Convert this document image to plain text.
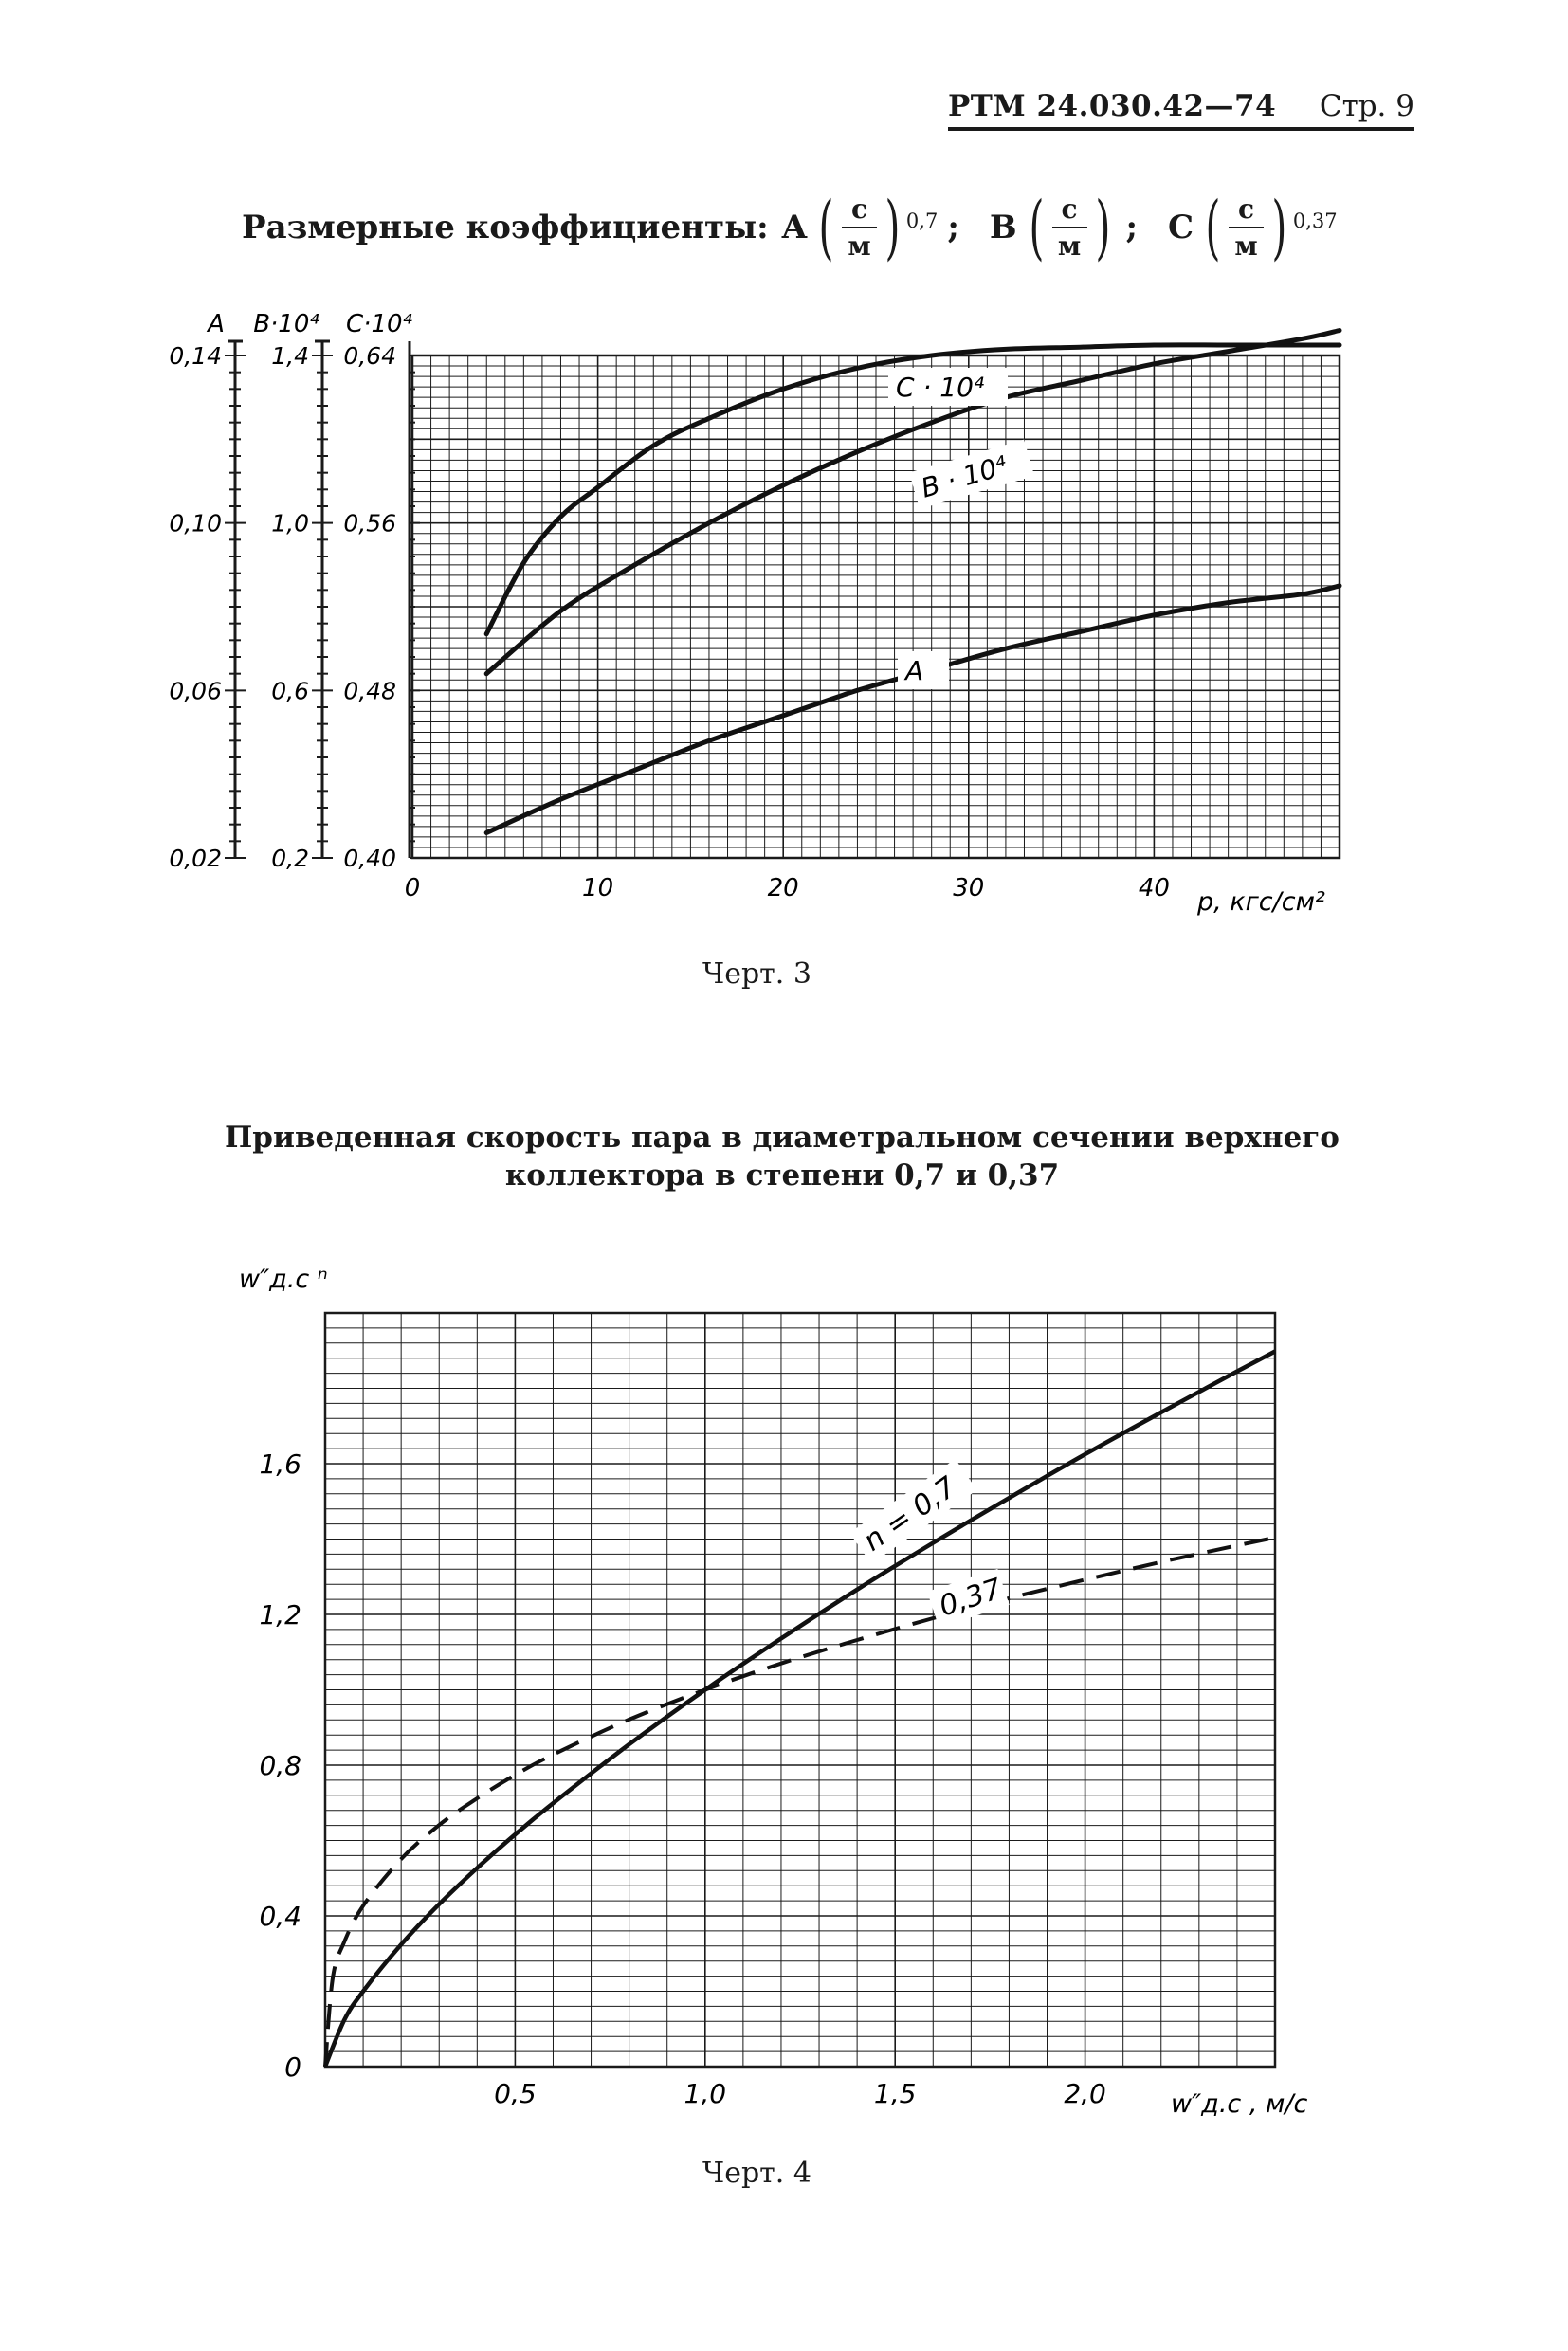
РТМ 24.030.42—74 Стр. 9
Размерные коэффициенты: A ( $\frac{c}{м}$ ) 0,7 ; B ( $\frac{c}{м}$ ) ; C ( $\frac{c}{м}$ ) 0,37
A
0,02
0,06
0,10
0,14
B·10⁴
0,2
0,6
1,0
1,4
C·10⁴
0,40
0,48
0,56
0,64
0	10	20	30	40 p, кгс/см²
C · 10⁴
B · 10⁴
A
Черт. 3
Приведенная скорость пара в диаметральном сечении верхнего
коллектора в степени 0,7 и 0,37
0
0,4
0,8
1,2
1,6
0,5	1,0	1,5	2,0
w″д.с ⁿ
w″д.с , м/с
n = 0,7
0,37
Черт. 4
